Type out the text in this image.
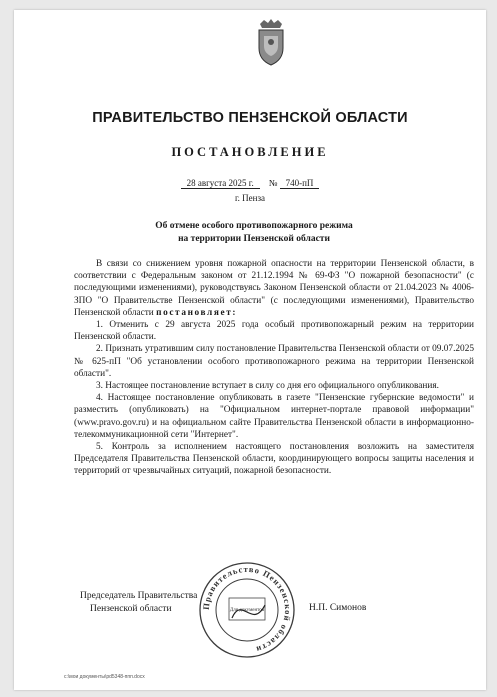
ПРАВИТЕЛЬСТВО ПЕНЗЕНСКОЙ ОБЛАСТИ
ПОСТАНОВЛЕНИЕ
28 августа 2025 г. № 740-пП
г. Пенза
Об отмене особого противопожарного режима
на территории Пензенской области

В связи со снижением уровня пожарной опасности на территории Пензенской области, в соответствии с Федеральным законом от 21.12.1994 № 69-ФЗ "О пожарной безопасности" (с последующими изменениями), руководствуясь Законом Пензенской области от 21.04.2023 № 4006-ЗПО "О Правительстве Пензенской области" (с последующими изменениями), Правительство Пензенской области постановляет:

1. Отменить с 29 августа 2025 года особый противопожарный режим на территории Пензенской области.

2. Признать утратившим силу постановление Правительства Пензенской области от 09.07.2025 № 625-пП "Об установлении особого противопожарного режима на территории Пензенской области".

3. Настоящее постановление вступает в силу со дня его официального опубликования.

4. Настоящее постановление опубликовать в газете "Пензенские губернские ведомости" и разместить (опубликовать) на "Официальном интернет-портале правовой информации" (www.pravo.gov.ru) и на официальном сайте Правительства Пензенской области в информационно-телекоммуникационной сети "Интернет".

5. Контроль за исполнением настоящего постановления возложить на заместителя Председателя Правительства Пензенской области, координирующего вопросы защиты населения и территорий от чрезвычайных ситуаций, пожарной безопасности.

Председатель Правительства
Пензенской области	Н.П. Симонов
Правительство Пензенской области
Для документов
c:\мои документы\pd5348-ппп.docx
